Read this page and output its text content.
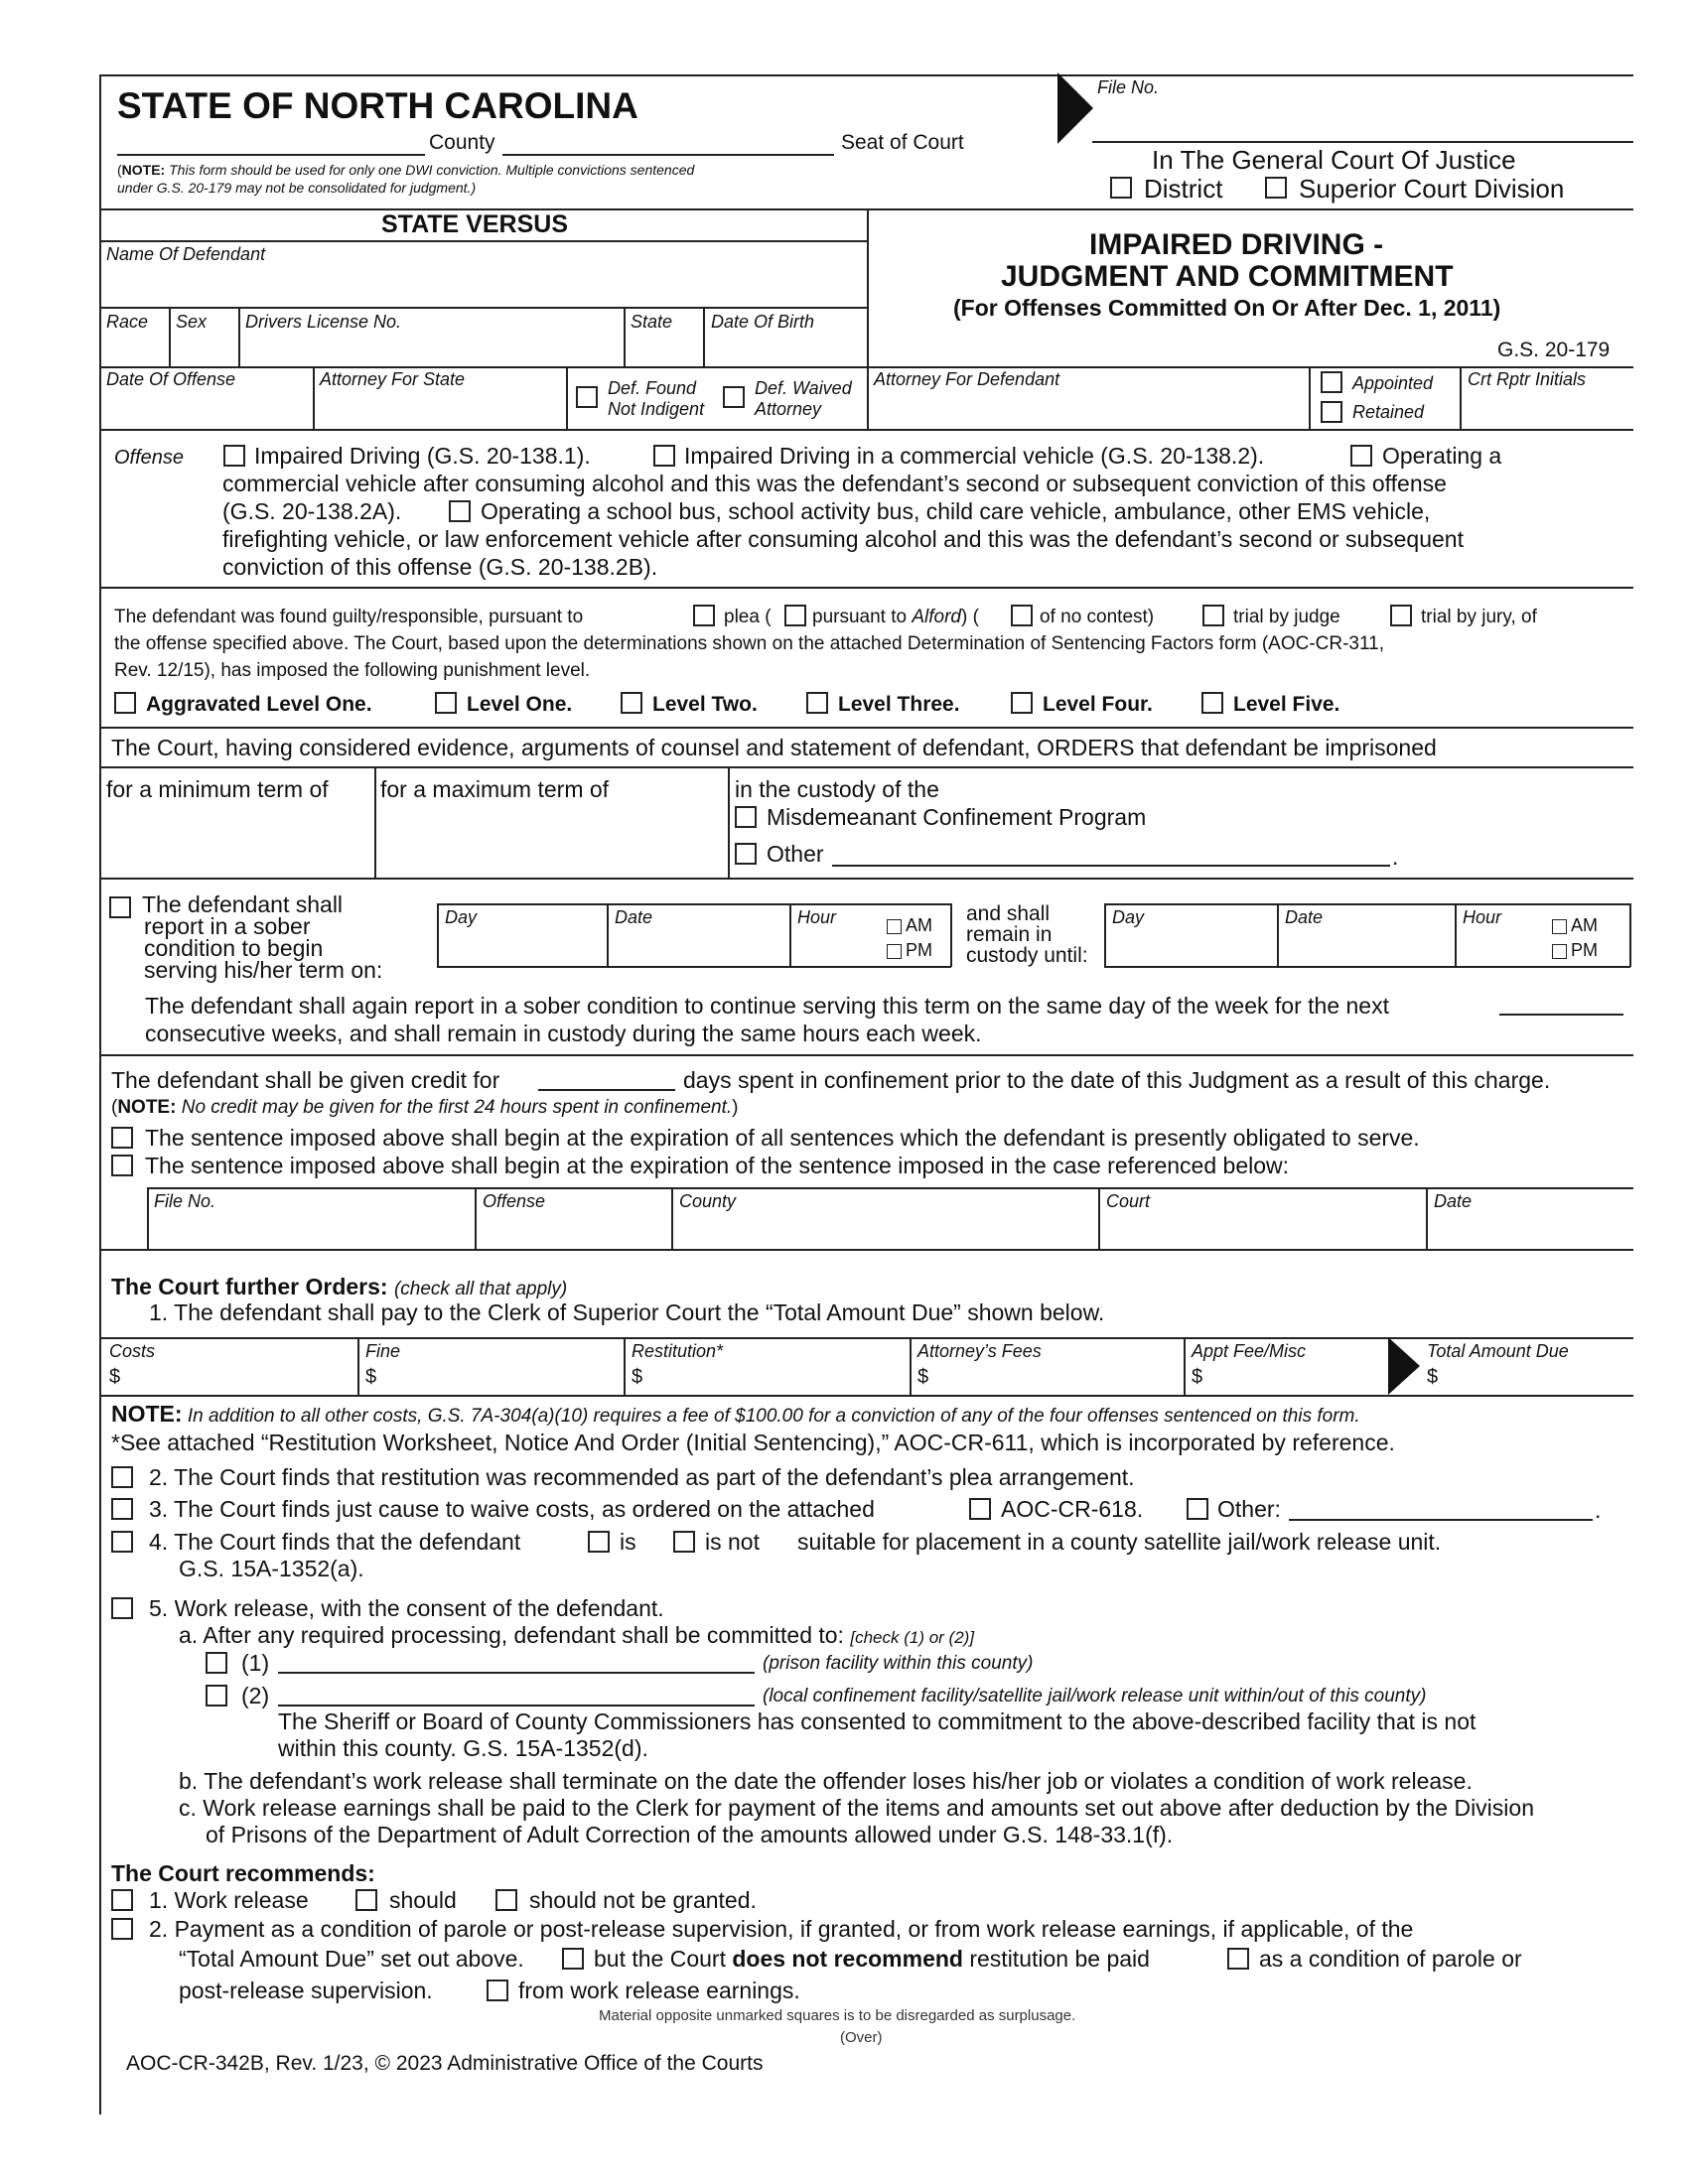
STATE OF NORTH CAROLINA
County	Seat of Court
(NOTE: This form should be used for only one DWI conviction. Multiple convictions sentenced
under G.S. 20-179 may not be consolidated for judgment.)
File No.
In The General Court Of Justice
District	Superior Court Division
STATE VERSUS
Name Of Defendant
Race Sex Drivers License No.	State Date Of Birth
IMPAIRED DRIVING -
JUDGMENT AND COMMITMENT
(For Offenses Committed On Or After Dec. 1, 2011)
G.S. 20-179
Date Of Offense	Attorney For State	Def. Found
Not Indigent
Def. Waived
Attorney
Attorney For Defendant	Appointed
Retained
Crt Rptr Initials
Offense	Impaired Driving (G.S. 20-138.1).	Impaired Driving in a commercial vehicle (G.S. 20-138.2).	Operating a
commercial vehicle after consuming alcohol and this was the defendant’s second or subsequent conviction of this offense
(G.S. 20-138.2A).	Operating a school bus, school activity bus, child care vehicle, ambulance, other EMS vehicle,
firefighting vehicle, or law enforcement vehicle after consuming alcohol and this was the defendant’s second or subsequent
conviction of this offense (G.S. 20-138.2B).
The defendant was found guilty/responsible, pursuant to	plea ( pursuant to Alford) (	of no contest)	trial by judge	trial by jury, of
the offense specified above. The Court, based upon the determinations shown on the attached Determination of Sentencing Factors form (AOC-CR-311,
Rev. 12/15), has imposed the following punishment level.
Aggravated Level One.	Level One.	Level Two.	Level Three.	Level Four.	Level Five.
The Court, having considered evidence, arguments of counsel and statement of defendant, ORDERS that defendant be imprisoned
for a minimum term of for a maximum term of	in the custody of the
Misdemeanant Confinement Program
Other	.
The defendant shall
report in a sober
condition to begin
serving his/her term on:
Day	Date	Hour	AM
PM
and shall
remain in
custody until:
Day	Date	Hour	AM
PM
The defendant shall again report in a sober condition to continue serving this term on the same day of the week for the next
consecutive weeks, and shall remain in custody during the same hours each week.
The defendant shall be given credit for	days spent in confinement prior to the date of this Judgment as a result of this charge.
(NOTE: No credit may be given for the first 24 hours spent in confinement.)
The sentence imposed above shall begin at the expiration of all sentences which the defendant is presently obligated to serve.
The sentence imposed above shall begin at the expiration of the sentence imposed in the case referenced below:
File No.	Offense	County	Court	Date
The Court further Orders: (check all that apply)
1. The defendant shall pay to the Clerk of Superior Court the “Total Amount Due” shown below.
Costs
$
Fine
$
Restitution*
$
Attorney’s Fees
$
Appt Fee/Misc
$
Total Amount Due
$
NOTE: In addition to all other costs, G.S. 7A-304(a)(10) requires a fee of $100.00 for a conviction of any of the four offenses sentenced on this form.
*See attached “Restitution Worksheet, Notice And Order (Initial Sentencing),” AOC-CR-611, which is incorporated by reference.
2. The Court finds that restitution was recommended as part of the defendant’s plea arrangement.
3. The Court finds just cause to waive costs, as ordered on the attached	AOC-CR-618.	Other:	.
4. The Court finds that the defendant	is	is not suitable for placement in a county satellite jail/work release unit.
G.S. 15A-1352(a).
5. Work release, with the consent of the defendant.
a. After any required processing, defendant shall be committed to: [check (1) or (2)]
(1)	(prison facility within this county)
(2)	(local confinement facility/satellite jail/work release unit within/out of this county)
The Sheriff or Board of County Commissioners has consented to commitment to the above-described facility that is not
within this county. G.S. 15A-1352(d).
b. The defendant’s work release shall terminate on the date the offender loses his/her job or violates a condition of work release.
c. Work release earnings shall be paid to the Clerk for payment of the items and amounts set out above after deduction by the Division
of Prisons of the Department of Adult Correction of the amounts allowed under G.S. 148-33.1(f).
The Court recommends:
1. Work release	should	should not be granted.
2. Payment as a condition of parole or post-release supervision, if granted, or from work release earnings, if applicable, of the
“Total Amount Due” set out above.	but the Court does not recommend restitution be paid	as a condition of parole or
post-release supervision.	from work release earnings.
Material opposite unmarked squares is to be disregarded as surplusage.
(Over)
AOC-CR-342B, Rev. 1/23, © 2023 Administrative Office of the Courts
